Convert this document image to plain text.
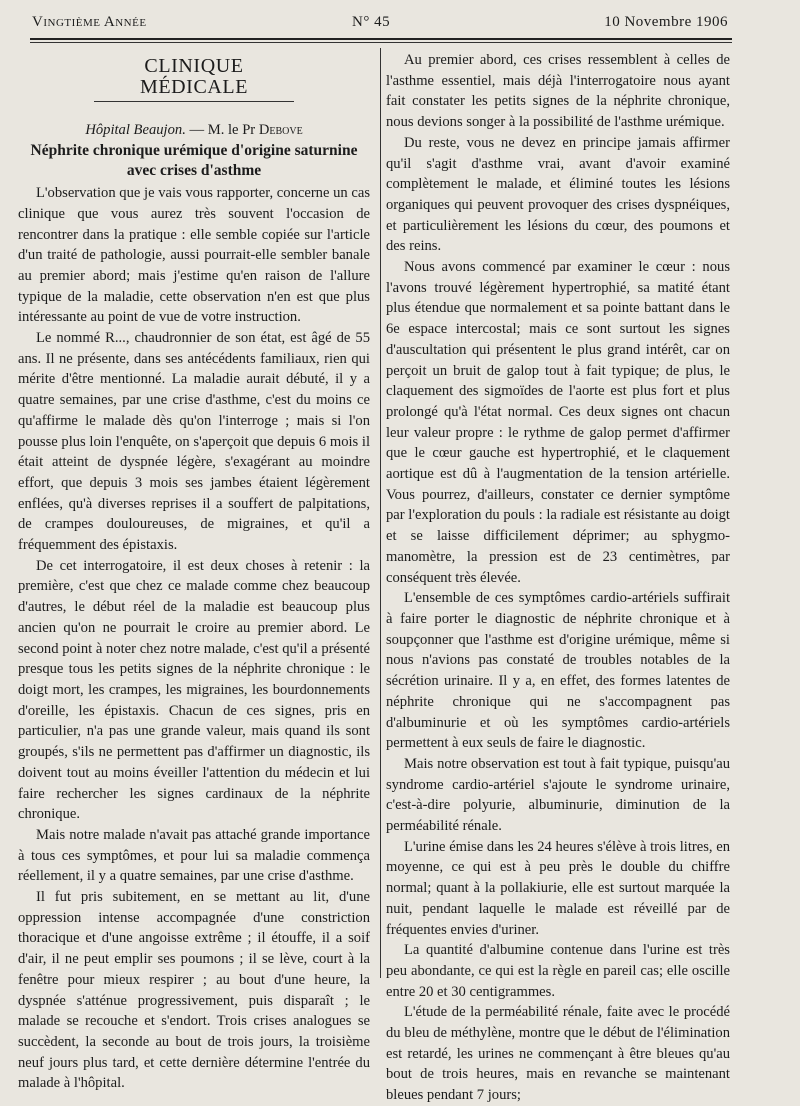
Vingtième Année	N° 45	10 Novembre 1906
CLINIQUE MÉDICALE
Hôpital Beaujon. — M. le Pr Debove
Néphrite chronique urémique d'origine saturnine
avec crises d'asthme

L'observation que je vais vous rapporter, concerne un cas clinique que vous aurez très souvent l'occasion de rencontrer dans la pratique : elle semble copiée sur l'article d'un traité de pathologie, aussi pourrait-elle sembler banale au premier abord; mais j'estime qu'en raison de l'allure typique de la maladie, cette observation n'en est que plus intéressante au point de vue de votre instruction.

Le nommé R..., chaudronnier de son état, est âgé de 55 ans. Il ne présente, dans ses antécédents familiaux, rien qui mérite d'être mentionné. La maladie aurait débuté, il y a quatre semaines, par une crise d'asthme, c'est du moins ce qu'affirme le malade dès qu'on l'interroge ; mais si l'on pousse plus loin l'enquête, on s'aperçoit que depuis 6 mois il était atteint de dyspnée légère, s'exagérant au moindre effort, que depuis 3 mois ses jambes étaient légèrement enflées, qu'à diverses reprises il a souffert de palpitations, de crampes douloureuses, de migraines, et qu'il a fréquemment des épistaxis.

De cet interrogatoire, il est deux choses à retenir : la première, c'est que chez ce malade comme chez beaucoup d'autres, le début réel de la maladie est beaucoup plus ancien qu'on ne pourrait le croire au premier abord. Le second point à noter chez notre malade, c'est qu'il a présenté presque tous les petits signes de la néphrite chronique : le doigt mort, les crampes, les migraines, les bourdonnements d'oreille, les épistaxis. Chacun de ces signes, pris en particulier, n'a pas une grande valeur, mais quand ils sont groupés, s'ils ne permettent pas d'affirmer un diagnostic, ils doivent tout au moins éveiller l'attention du médecin et lui faire rechercher les signes cardinaux de la néphrite chronique.

Mais notre malade n'avait pas attaché grande importance à tous ces symptômes, et pour lui sa maladie commença réellement, il y a quatre semaines, par une crise d'asthme.

Il fut pris subitement, en se mettant au lit, d'une oppression intense accompagnée d'une constriction thoracique et d'une angoisse extrême ; il étouffe, il a soif d'air, il ne peut emplir ses poumons ; il se lève, court à la fenêtre pour mieux respirer ; au bout d'une heure, la dyspnée s'atténue progressivement, puis disparaît ; le malade se recouche et s'endort. Trois crises analogues se succèdent, la seconde au bout de trois jours, la troisième neuf jours plus tard, et cette dernière détermine l'entrée du malade à l'hôpital.

Au premier abord, ces crises ressemblent à celles de l'asthme essentiel, mais déjà l'interrogatoire nous ayant fait constater les petits signes de la néphrite chronique, nous devions songer à la possibilité de l'asthme urémique.

Du reste, vous ne devez en principe jamais affirmer qu'il s'agit d'asthme vrai, avant d'avoir examiné complètement le malade, et éliminé toutes les lésions organiques qui peuvent provoquer des crises dyspnéiques, et particulièrement les lésions du cœur, des poumons et des reins.

Nous avons commencé par examiner le cœur : nous l'avons trouvé légèrement hypertrophié, sa matité étant plus étendue que normalement et sa pointe battant dans le 6e espace intercostal; mais ce sont surtout les signes d'auscultation qui présentent le plus grand intérêt, car on perçoit un bruit de galop tout à fait typique; de plus, le claquement des sigmoïdes de l'aorte est plus fort et plus prolongé qu'à l'état normal. Ces deux signes ont chacun leur valeur propre : le rythme de galop permet d'affirmer que le cœur gauche est hypertrophié, et le claquement aortique est dû à l'augmentation de la tension artérielle. Vous pourrez, d'ailleurs, constater ce dernier symptôme par l'exploration du pouls : la radiale est résistante au doigt et se laisse difficilement déprimer; au sphygmo-manomètre, la pression est de 23 centimètres, par conséquent très élevée.

L'ensemble de ces symptômes cardio-artériels suffirait à faire porter le diagnostic de néphrite chronique et à soupçonner que l'asthme est d'origine urémique, même si nous n'avions pas constaté de troubles notables de la sécrétion urinaire. Il y a, en effet, des formes latentes de néphrite chronique qui ne s'accompagnent pas d'albuminurie et où les symptômes cardio-artériels permettent à eux seuls de faire le diagnostic.

Mais notre observation est tout à fait typique, puisqu'au syndrome cardio-artériel s'ajoute le syndrome urinaire, c'est-à-dire polyurie, albuminurie, diminution de la perméabilité rénale.

L'urine émise dans les 24 heures s'élève à trois litres, en moyenne, ce qui est à peu près le double du chiffre normal; quant à la pollakiurie, elle est surtout marquée la nuit, pendant laquelle le malade est réveillé par de fréquentes envies d'uriner.

La quantité d'albumine contenue dans l'urine est très peu abondante, ce qui est la règle en pareil cas; elle oscille entre 20 et 30 centigrammes.

L'étude de la perméabilité rénale, faite avec le procédé du bleu de méthylène, montre que le début de l'élimination est retardé, les urines ne commençant à être bleues qu'au bout de trois heures, mais en revanche se maintenant bleues pendant 7 jours;
